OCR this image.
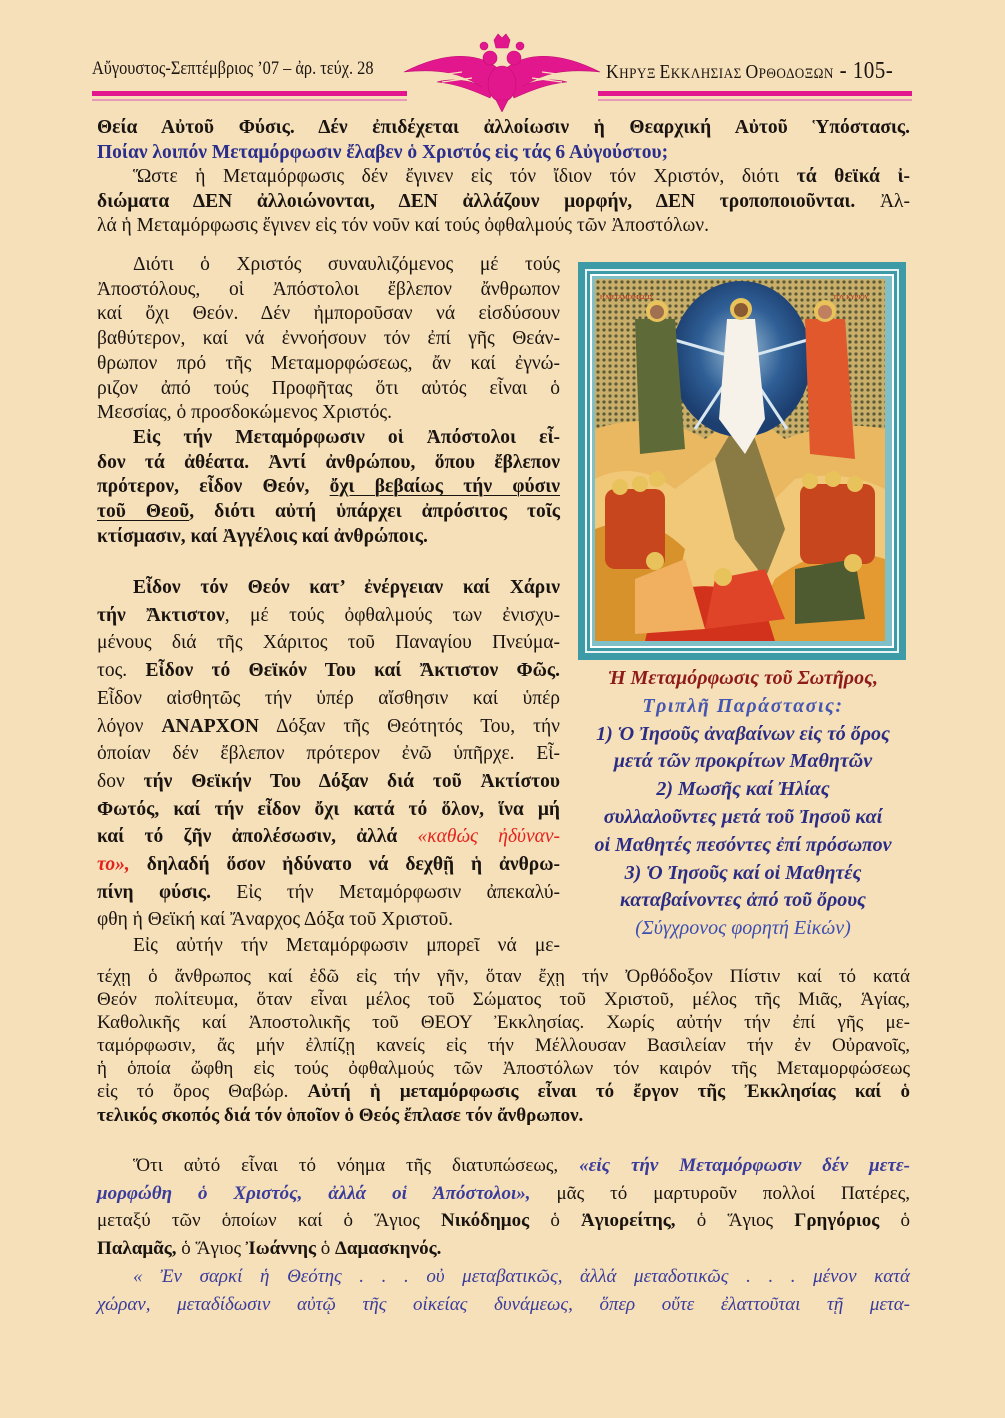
Αὔγουστος-Σεπτέμβριος ’07 – ἀρ. τεύχ. 28	ΚΗΡΥΞ ΕΚΚΛΗΣΙΑΣ ΟΡΘΟΔΟΞΩΝ - 105-
Θεία Αὐτοῦ Φύσις. Δέν ἐπιδέχεται ἀλλοίωσιν ἡ Θεαρχική Αὐτοῦ Ὑπόστασις.
Ποίαν λοιπόν Μεταμόρφωσιν ἔλαβεν ὁ Χριστός εἰς τάς 6 Αὐγούστου;
Ὥστε ἡ Μεταμόρφωσις δέν ἔγινεν εἰς τόν ἴδιον τόν Χριστόν, διότι τά θεϊκά ἰ-
διώματα ΔΕΝ ἀλλοιώνονται, ΔΕΝ ἀλλάζουν μορφήν, ΔΕΝ τροποποιοῦνται. Ἀλ-
λά ἡ Μεταμόρφωσις ἔγινεν εἰς τόν νοῦν καί τούς ὀφθαλμούς τῶν Ἀποστόλων.
Διότι ὁ Χριστός συναυλιζόμενος μέ τούς
Ἀποστόλους, οἱ Ἀπόστολοι ἔβλεπον ἄνθρωπον
καί ὄχι Θεόν. Δέν ἠμποροῦσαν νά εἰσδύσουν
βαθύτερον, καί νά ἐννοήσουν τόν ἐπί γῆς Θεάν-
θρωπον πρό τῆς Μεταμορφώσεως, ἄν καί ἐγνώ-
ριζον ἀπό τούς Προφῆτας ὅτι αὐτός εἶναι ὁ
Μεσσίας, ὁ προσδοκώμενος Χριστός.
Εἰς τήν Μεταμόρφωσιν οἱ Ἀπόστολοι εἶ-
δον τά ἀθέατα. Ἀντί ἀνθρώπου, ὅπου ἔβλεπον
πρότερον, εἶδον Θεόν, ὄχι βεβαίως τήν φύσιν
τοῦ Θεοῦ, διότι αὐτή ὑπάρχει ἀπρόσιτος τοῖς
κτίσμασιν, καί Ἀγγέλοις καί ἀνθρώποις.
Εἶδον τόν Θεόν κατ’ ἐνέργειαν καί Χάριν
τήν Ἄκτιστον, μέ τούς ὀφθαλμούς των ἐνισχυ-
μένους διά τῆς Χάριτος τοῦ Παναγίου Πνεύμα-
τος. Εἶδον τό Θεϊκόν Του καί Ἄκτιστον Φῶς.
Εἶδον αἰσθητῶς τήν ὑπέρ αἴσθησιν καί ὑπέρ
λόγον ΑΝΑΡΧΟΝ Δόξαν τῆς Θεότητός Του, τήν
ὁποίαν δέν ἔβλεπον πρότερον ἐνῶ ὑπῆρχε. Εἶ-
δον τήν Θεϊκήν Του Δόξαν διά τοῦ Ἀκτίστου
Φωτός, καί τήν εἶδον ὄχι κατά τό ὅλον, ἵνα μή
καί τό ζῆν ἀπολέσωσιν, ἀλλά «καθώς ἠδύναν-
το», δηλαδή ὅσον ἠδύνατο νά δεχθῇ ἡ ἀνθρω-
πίνη φύσις. Εἰς τήν Μεταμόρφωσιν ἀπεκαλύ-
φθη ἡ Θεϊκή καί Ἄναρχος Δόξα τοῦ Χριστοῦ.
Εἰς αὐτήν τήν Μεταμόρφωσιν μπορεῖ νά με-
τέχῃ ὁ ἄνθρωπος καί ἐδῶ εἰς τήν γῆν, ὅταν ἔχῃ τήν Ὀρθόδοξον Πίστιν καί τό κατά
Θεόν πολίτευμα, ὅταν εἶναι μέλος τοῦ Σώματος τοῦ Χριστοῦ, μέλος τῆς Μιᾶς, Ἁγίας,
Καθολικῆς καί Ἀποστολικῆς τοῦ ΘΕΟΥ Ἐκκλησίας. Χωρίς αὐτήν τήν ἐπί γῆς με-
ταμόρφωσιν, ἄς μήν ἐλπίζῃ κανείς εἰς τήν Μέλλουσαν Βασιλείαν τήν ἐν Οὐρανοῖς,
ἡ ὁποία ὤφθη εἰς τούς ὀφθαλμούς τῶν Ἀποστόλων τόν καιρόν τῆς Μεταμορφώσεως
εἰς τό ὄρος Θαβώρ. Αὐτή ἡ μεταμόρφωσις εἶναι τό ἔργον τῆς Ἐκκλησίας καί ὁ
τελικός σκοπός διά τόν ὁποῖον ὁ Θεός ἔπλασε τόν ἄνθρωπον.
Ὅτι αὐτό εἶναι τό νόημα τῆς διατυπώσεως, «εἰς τήν Μεταμόρφωσιν δέν μετε-
μορφώθη ὁ Χριστός, ἀλλά οἱ Ἀπόστολοι», μᾶς τό μαρτυροῦν πολλοί Πατέρες,
μεταξύ τῶν ὁποίων καί ὁ Ἅγιος Νικόδημος ὁ Ἁγιορείτης, ὁ Ἅγιος Γρηγόριος ὁ
Παλαμᾶς, ὁ Ἅγιος Ἰωάννης ὁ Δαμασκηνός.
« Ἐν σαρκί ἡ Θεότης . . . οὐ μεταβατικῶς, ἀλλά μεταδοτικῶς . . . μένον κατά
χώραν, μεταδίδωσιν αὐτῷ τῆς οἰκείας δυνάμεως, ὅπερ οὔτε ἐλαττοῦται τῇ μετα-
Η ΜΕΤΑΜΟΡΦΩΣΙΣ	ΤΟΥ ΚΥΡΙΟΥ
Ἡ Μεταμόρφωσις τοῦ Σωτῆρος,
Τριπλῆ Παράστασις:
1) Ὁ Ἰησοῦς ἀναβαίνων εἰς τό ὄρος
μετά τῶν προκρίτων Μαθητῶν
2) Μωσῆς καί Ἠλίας
συλλαλοῦντες μετά τοῦ Ἰησοῦ καί
οἱ Μαθητές πεσόντες ἐπί πρόσωπον
3) Ὁ Ἰησοῦς καί οἱ Μαθητές
καταβαίνοντες ἀπό τοῦ ὄρους
(Σύγχρονος φορητή Εἰκών)
